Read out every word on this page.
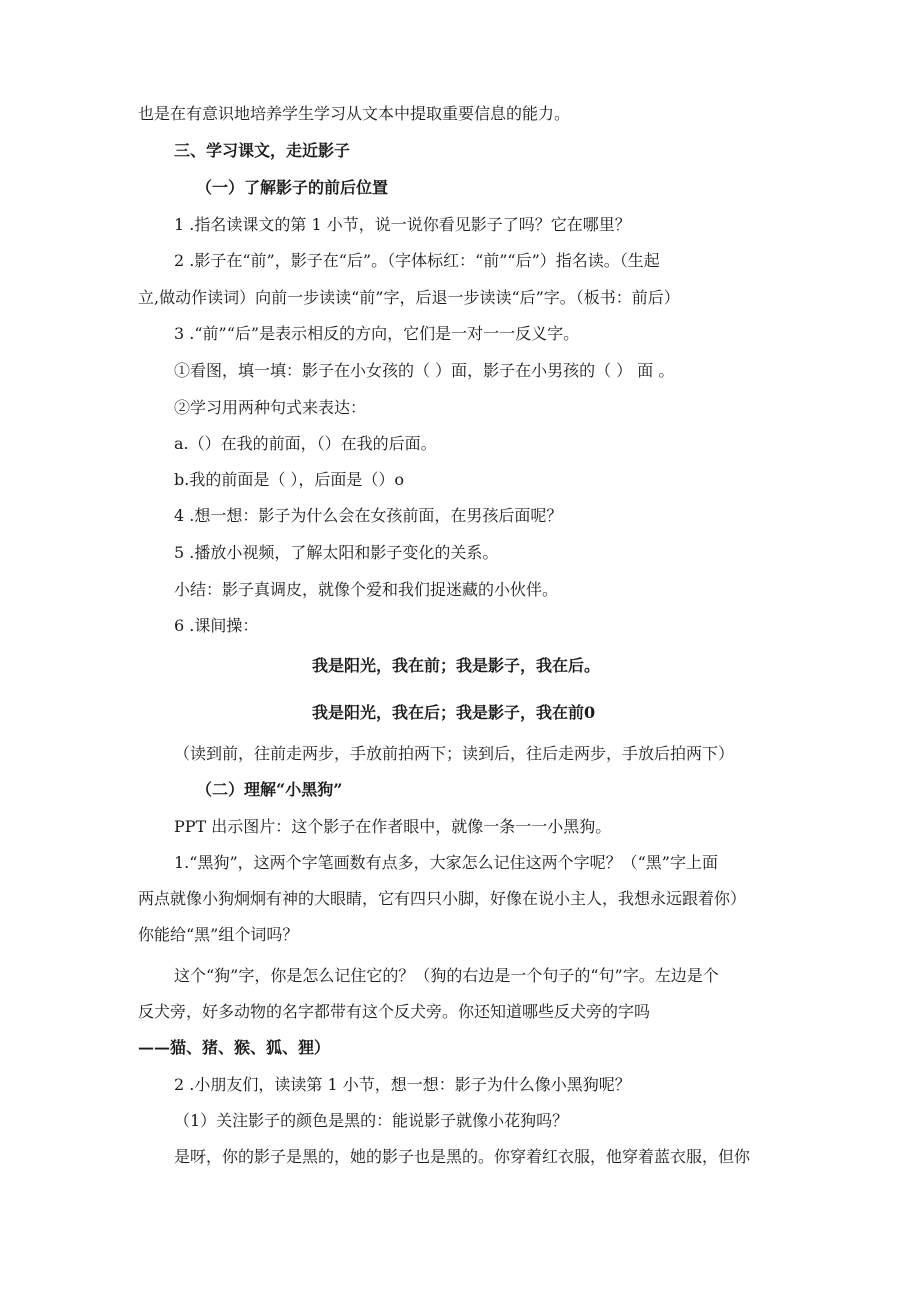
也是在有意识地培养学生学习从文本中提取重要信息的能力。
三、学习课文，走近影子
（一）了解影子的前后位置
1 .指名读课文的第 1 小节，说一说你看见影子了吗？它在哪里？
2 .影子在“前”，影子在“后”。（字体标红：“前”“后”）指名读。（生起
立,做动作读词）向前一步读读“前”字，后退一步读读“后”字。（板书：前后）
3 .“前”“后”是表示相反的方向，它们是一对一一反义字。
①看图，填一填：影子在小女孩的（ ）面，影子在小男孩的（ ） 面 。
②学习用两种句式来表达：
a.（）在我的前面，（）在我的后面。
b.我的前面是（ ），后面是（）o
4 .想一想：影子为什么会在女孩前面，在男孩后面呢？
5 .播放小视频，了解太阳和影子变化的关系。
小结：影子真调皮，就像个爱和我们捉迷藏的小伙伴。
6 .课间操：
我是阳光，我在前；我是影子，我在后。
我是阳光，我在后；我是影子，我在前0
（读到前，往前走两步，手放前拍两下；读到后，往后走两步，手放后拍两下）
（二）理解“小黑狗”
PPT 出示图片：这个影子在作者眼中，就像一条一一小黑狗。
1.“黑狗”，这两个字笔画数有点多，大家怎么记住这两个字呢？（“黑”字上面
两点就像小狗炯炯有神的大眼睛，它有四只小脚，好像在说小主人，我想永远跟着你）
你能给“黑”组个词吗？
这个“狗”字，你是怎么记住它的？（狗的右边是一个句子的“句”字。左边是个
反犬旁，好多动物的名字都带有这个反犬旁。你还知道哪些反犬旁的字吗
——猫、猪、猴、狐、狸）
2 .小朋友们，读读第 1 小节，想一想：影子为什么像小黑狗呢？
（1）关注影子的颜色是黑的：能说影子就像小花狗吗？
是呀，你的影子是黑的，她的影子也是黑的。你穿着红衣服，他穿着蓝衣服，但你
